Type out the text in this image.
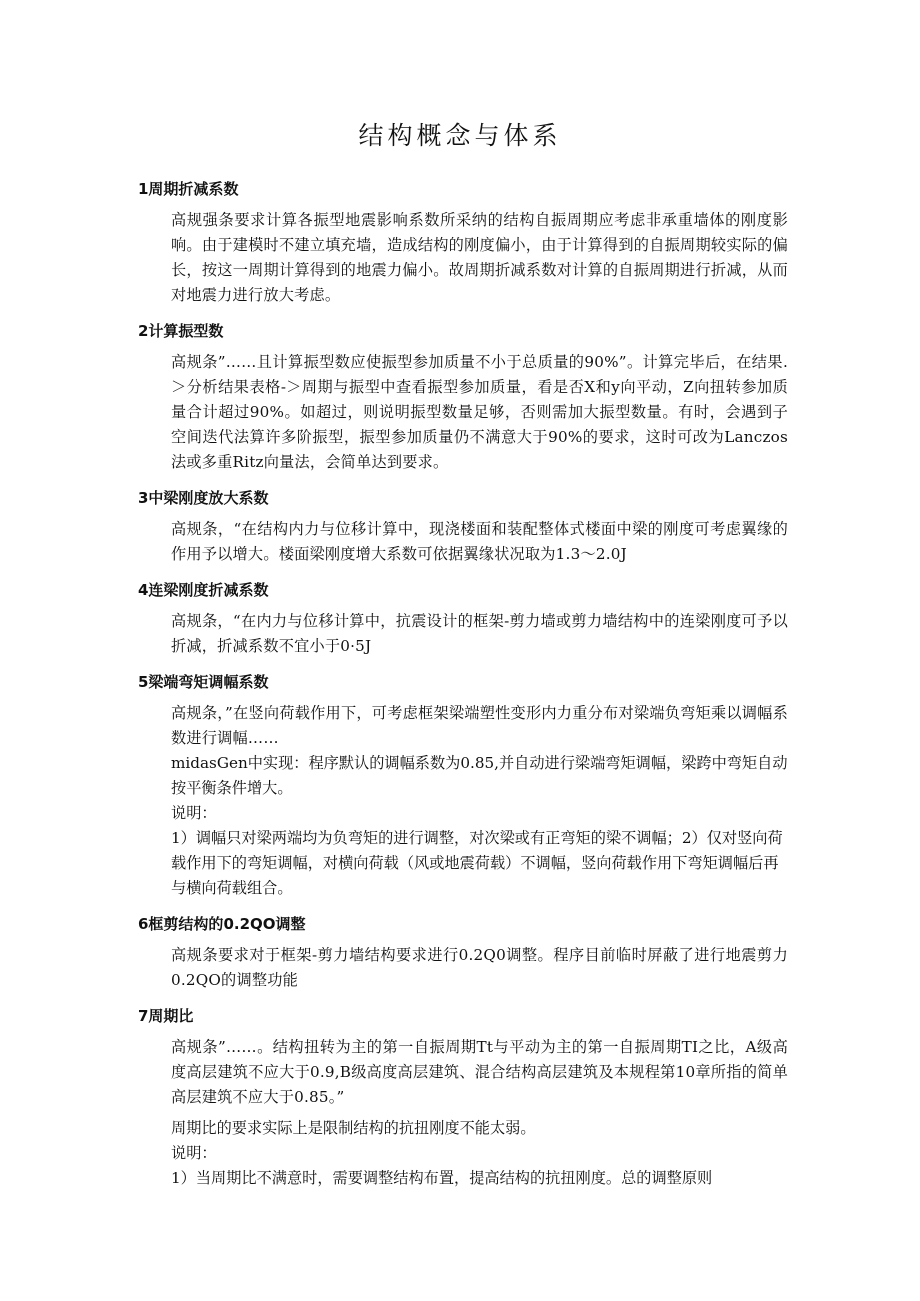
结构概念与体系

1周期折减系数

高规强条要求计算各振型地震影响系数所采纳的结构自振周期应考虑非承重墙体的刚度影响。由于建模时不建立填充墙，造成结构的刚度偏小，由于计算得到的自振周期较实际的偏长，按这一周期计算得到的地震力偏小。故周期折减系数对计算的自振周期进行折减，从而对地震力进行放大考虑。

2计算振型数

高规条”……且计算振型数应使振型参加质量不小于总质量的90%”。计算完毕后，在结果.＞分析结果表格-＞周期与振型中查看振型参加质量，看是否X和y向平动，Z向扭转参加质量合计超过90%。如超过，则说明振型数量足够，否则需加大振型数量。有时，会遇到子空间迭代法算许多阶振型，振型参加质量仍不满意大于90%的要求，这时可改为Lanczos法或多重Ritz向量法，会简单达到要求。

3中梁刚度放大系数

高规条，“在结构内力与位移计算中，现浇楼面和装配整体式楼面中梁的刚度可考虑翼缘的作用予以增大。楼面梁刚度增大系数可依据翼缘状况取为1.3～2.0J

4连梁刚度折减系数

高规条，“在内力与位移计算中，抗震设计的框架-剪力墙或剪力墙结构中的连梁刚度可予以折减，折减系数不宜小于0·5J

5梁端弯矩调幅系数

高规条，”在竖向荷载作用下，可考虑框架梁端塑性变形内力重分布对梁端负弯矩乘以调幅系数进行调幅……

midasGen中实现：程序默认的调幅系数为0.85,并自动进行梁端弯矩调幅，梁跨中弯矩自动按平衡条件增大。

说明：

1）调幅只对梁两端均为负弯矩的进行调整，对次梁或有正弯矩的梁不调幅；2）仅对竖向荷载作用下的弯矩调幅，对横向荷载（风或地震荷载）不调幅，竖向荷载作用下弯矩调幅后再与横向荷载组合。

6框剪结构的0.2QO调整

高规条要求对于框架-剪力墙结构要求进行0.2Q0调整。程序目前临时屏蔽了进行地震剪力0.2QO的调整功能

7周期比

高规条”……。结构扭转为主的第一自振周期Tt与平动为主的第一自振周期TI之比，A级高度高层建筑不应大于0.9,B级高度高层建筑、混合结构高层建筑及本规程第10章所指的简单高层建筑不应大于0.85。”

周期比的要求实际上是限制结构的抗扭刚度不能太弱。

说明：

1）当周期比不满意时，需要调整结构布置，提高结构的抗扭刚度。总的调整原则
